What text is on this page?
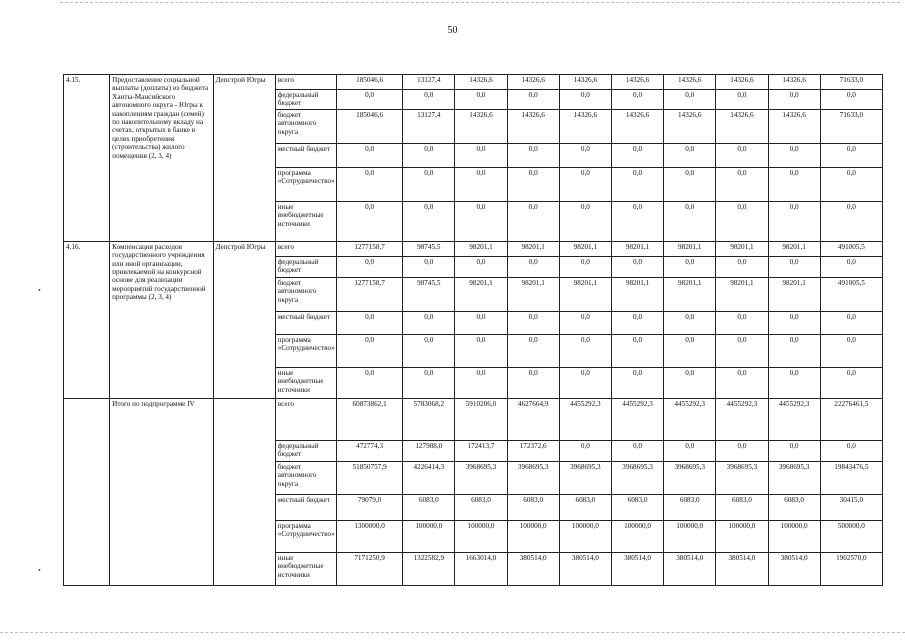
50
•
•
4.15.	Предоставление социальной выплаты (доплаты) из бюджета Ханты-Мансийского автономного округа - Югры к накоплениям граждан (семей) по накопительному вкладу на счетах, открытых в банке в целях приобретения (строительства) жилого помещения (2, 3, 4)	Депстрой Югры	всего	185046,6	13127,4	14326,6	14326,6	14326,6	14326,6	14326,6	14326,6	14326,6	71633,0
			федеральный бюджет	0,0	0,0	0,0	0,0	0,0	0,0	0,0	0,0	0,0	0,0
			бюджет автономного округа	185046,6	13127,4	14326,6	14326,6	14326,6	14326,6	14326,6	14326,6	14326,6	71633,0
			местный бюджет	0,0	0,0	0,0	0,0	0,0	0,0	0,0	0,0	0,0	0,0
			программа «Сотрудничество»	0,0	0,0	0,0	0,0	0,0	0,0	0,0	0,0	0,0	0,0
			иные внебюджетные источники	0,0	0,0	0,0	0,0	0,0	0,0	0,0	0,0	0,0	0,0
4.16.	Компенсация расходов государственного учреждения или иной организации, привлекаемой на конкурсной основе для реализации мероприятий государственной программы (2, 3, 4)	Депстрой Югры	всего	1277158,7	98745,5	98201,1	98201,1	98201,1	98201,1	98201,1	98201,1	98201,1	491005,5
			федеральный бюджет	0,0	0,0	0,0	0,0	0,0	0,0	0,0	0,0	0,0	0,0
			бюджет автономного округа	1277158,7	98745,5	98201,1	98201,1	98201,1	98201,1	98201,1	98201,1	98201,1	491005,5
			местный бюджет	0,0	0,0	0,0	0,0	0,0	0,0	0,0	0,0	0,0	0,0
			программа «Сотрудничество»	0,0	0,0	0,0	0,0	0,0	0,0	0,0	0,0	0,0	0,0
			иные внебюджетные источники	0,0	0,0	0,0	0,0	0,0	0,0	0,0	0,0	0,0	0,0
	Итого по подпрограмме IV		всего	60873862,1	5783068,2	5910206,0	4627664,9	4455292,3	4455292,3	4455292,3	4455292,3	4455292,3	22276461,5
			федеральный бюджет	472774,3	127988,0	172413,7	172372,6	0,0	0,0	0,0	0,0	0,0	0,0
			бюджет автономного округа	51850757,9	4226414,3	3968695,3	3968695,3	3968695,3	3968695,3	3968695,3	3968695,3	3968695,3	19843476,5
			местный бюджет	79079,0	6083,0	6083,0	6083,0	6083,0	6083,0	6083,0	6083,0	6083,0	30415,0
			программа «Сотрудничество»	1300000,0	100000,0	100000,0	100000,0	100000,0	100000,0	100000,0	100000,0	100000,0	500000,0
			иные внебюджетные источники	7171250,9	1322582,9	1663014,0	380514,0	380514,0	380514,0	380514,0	380514,0	380514,0	1902570,0
